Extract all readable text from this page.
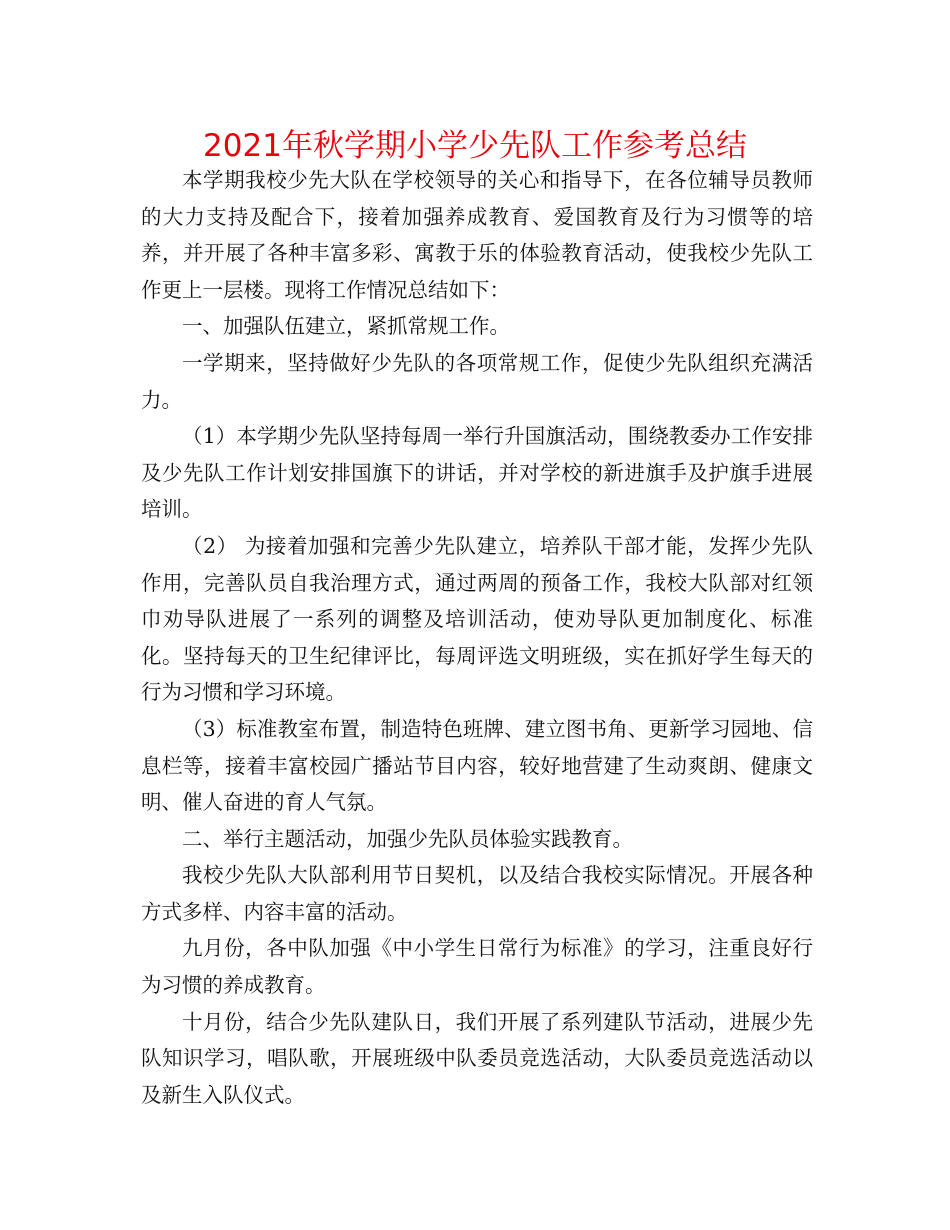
2021年秋学期小学少先队工作参考总结

本学期我校少先大队在学校领导的关心和指导下，在各位辅导员教师的大力支持及配合下，接着加强养成教育、爱国教育及行为习惯等的培养，并开展了各种丰富多彩、寓教于乐的体验教育活动，使我校少先队工作更上一层楼。现将工作情况总结如下：

一、加强队伍建立，紧抓常规工作。

一学期来，坚持做好少先队的各项常规工作，促使少先队组织充满活力。

（1）本学期少先队坚持每周一举行升国旗活动，围绕教委办工作安排及少先队工作计划安排国旗下的讲话，并对学校的新进旗手及护旗手进展培训。

（2） 为接着加强和完善少先队建立，培养队干部才能，发挥少先队作用，完善队员自我治理方式，通过两周的预备工作，我校大队部对红领巾劝导队进展了一系列的调整及培训活动，使劝导队更加制度化、标准化。坚持每天的卫生纪律评比，每周评选文明班级，实在抓好学生每天的行为习惯和学习环境。

（3）标准教室布置，制造特色班牌、建立图书角、更新学习园地、信息栏等，接着丰富校园广播站节目内容，较好地营建了生动爽朗、健康文明、催人奋进的育人气氛。

二、举行主题活动，加强少先队员体验实践教育。

我校少先队大队部利用节日契机，以及结合我校实际情况。开展各种方式多样、内容丰富的活动。

九月份，各中队加强《中小学生日常行为标准》的学习，注重良好行为习惯的养成教育。

十月份，结合少先队建队日，我们开展了系列建队节活动，进展少先队知识学习，唱队歌，开展班级中队委员竞选活动，大队委员竞选活动以及新生入队仪式。
